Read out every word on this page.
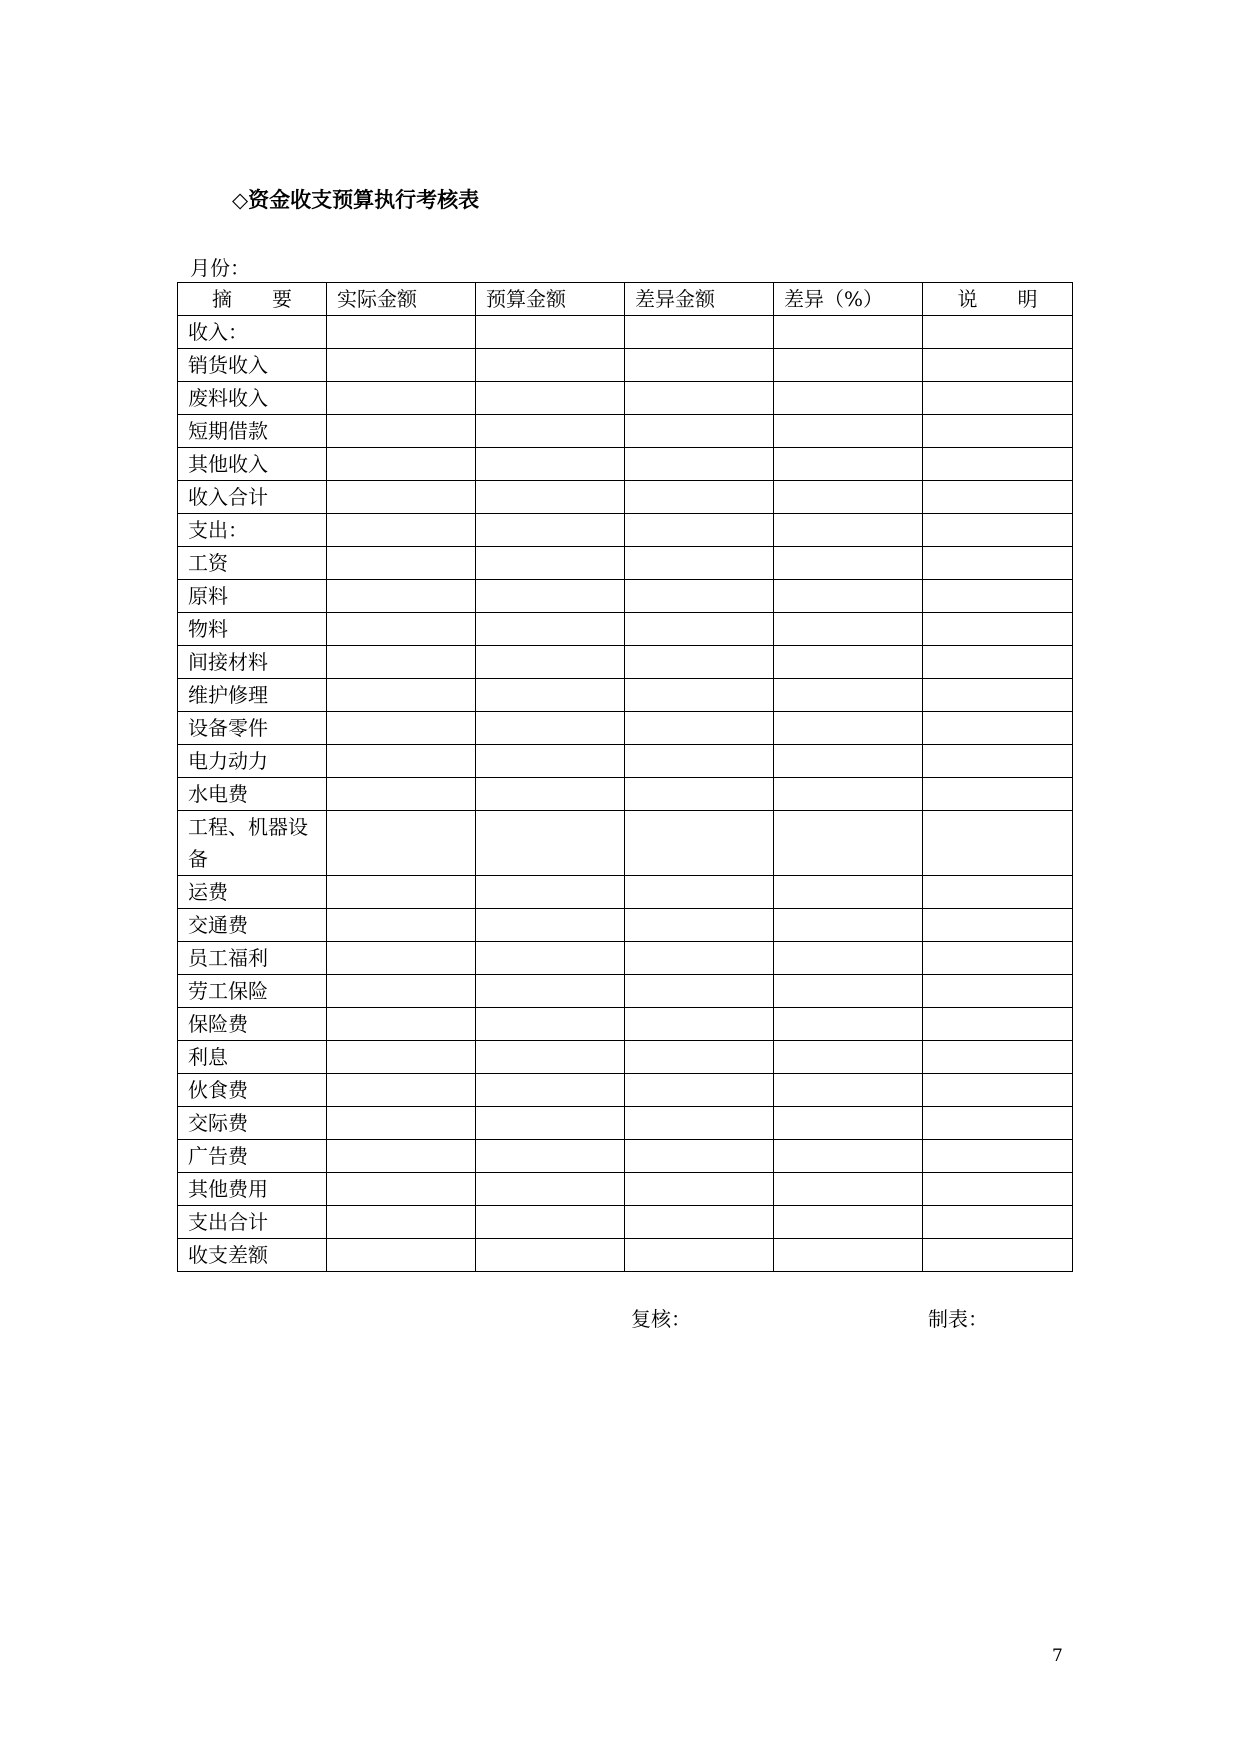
◇资金收支预算执行考核表
月份：
摘　　要	实际金额	预算金额	差异金额	差异（%）	说　　明
收入：					
销货收入					
废料收入					
短期借款					
其他收入					
收入合计					
支出：					
工资					
原料					
物料					
间接材料					
维护修理					
设备零件					
电力动力					
水电费					
工程、机器设备					
运费					
交通费					
员工福利					
劳工保险					
保险费					
利息					
伙食费					
交际费					
广告费					
其他费用					
支出合计					
收支差额					
复核：	制表：
7
